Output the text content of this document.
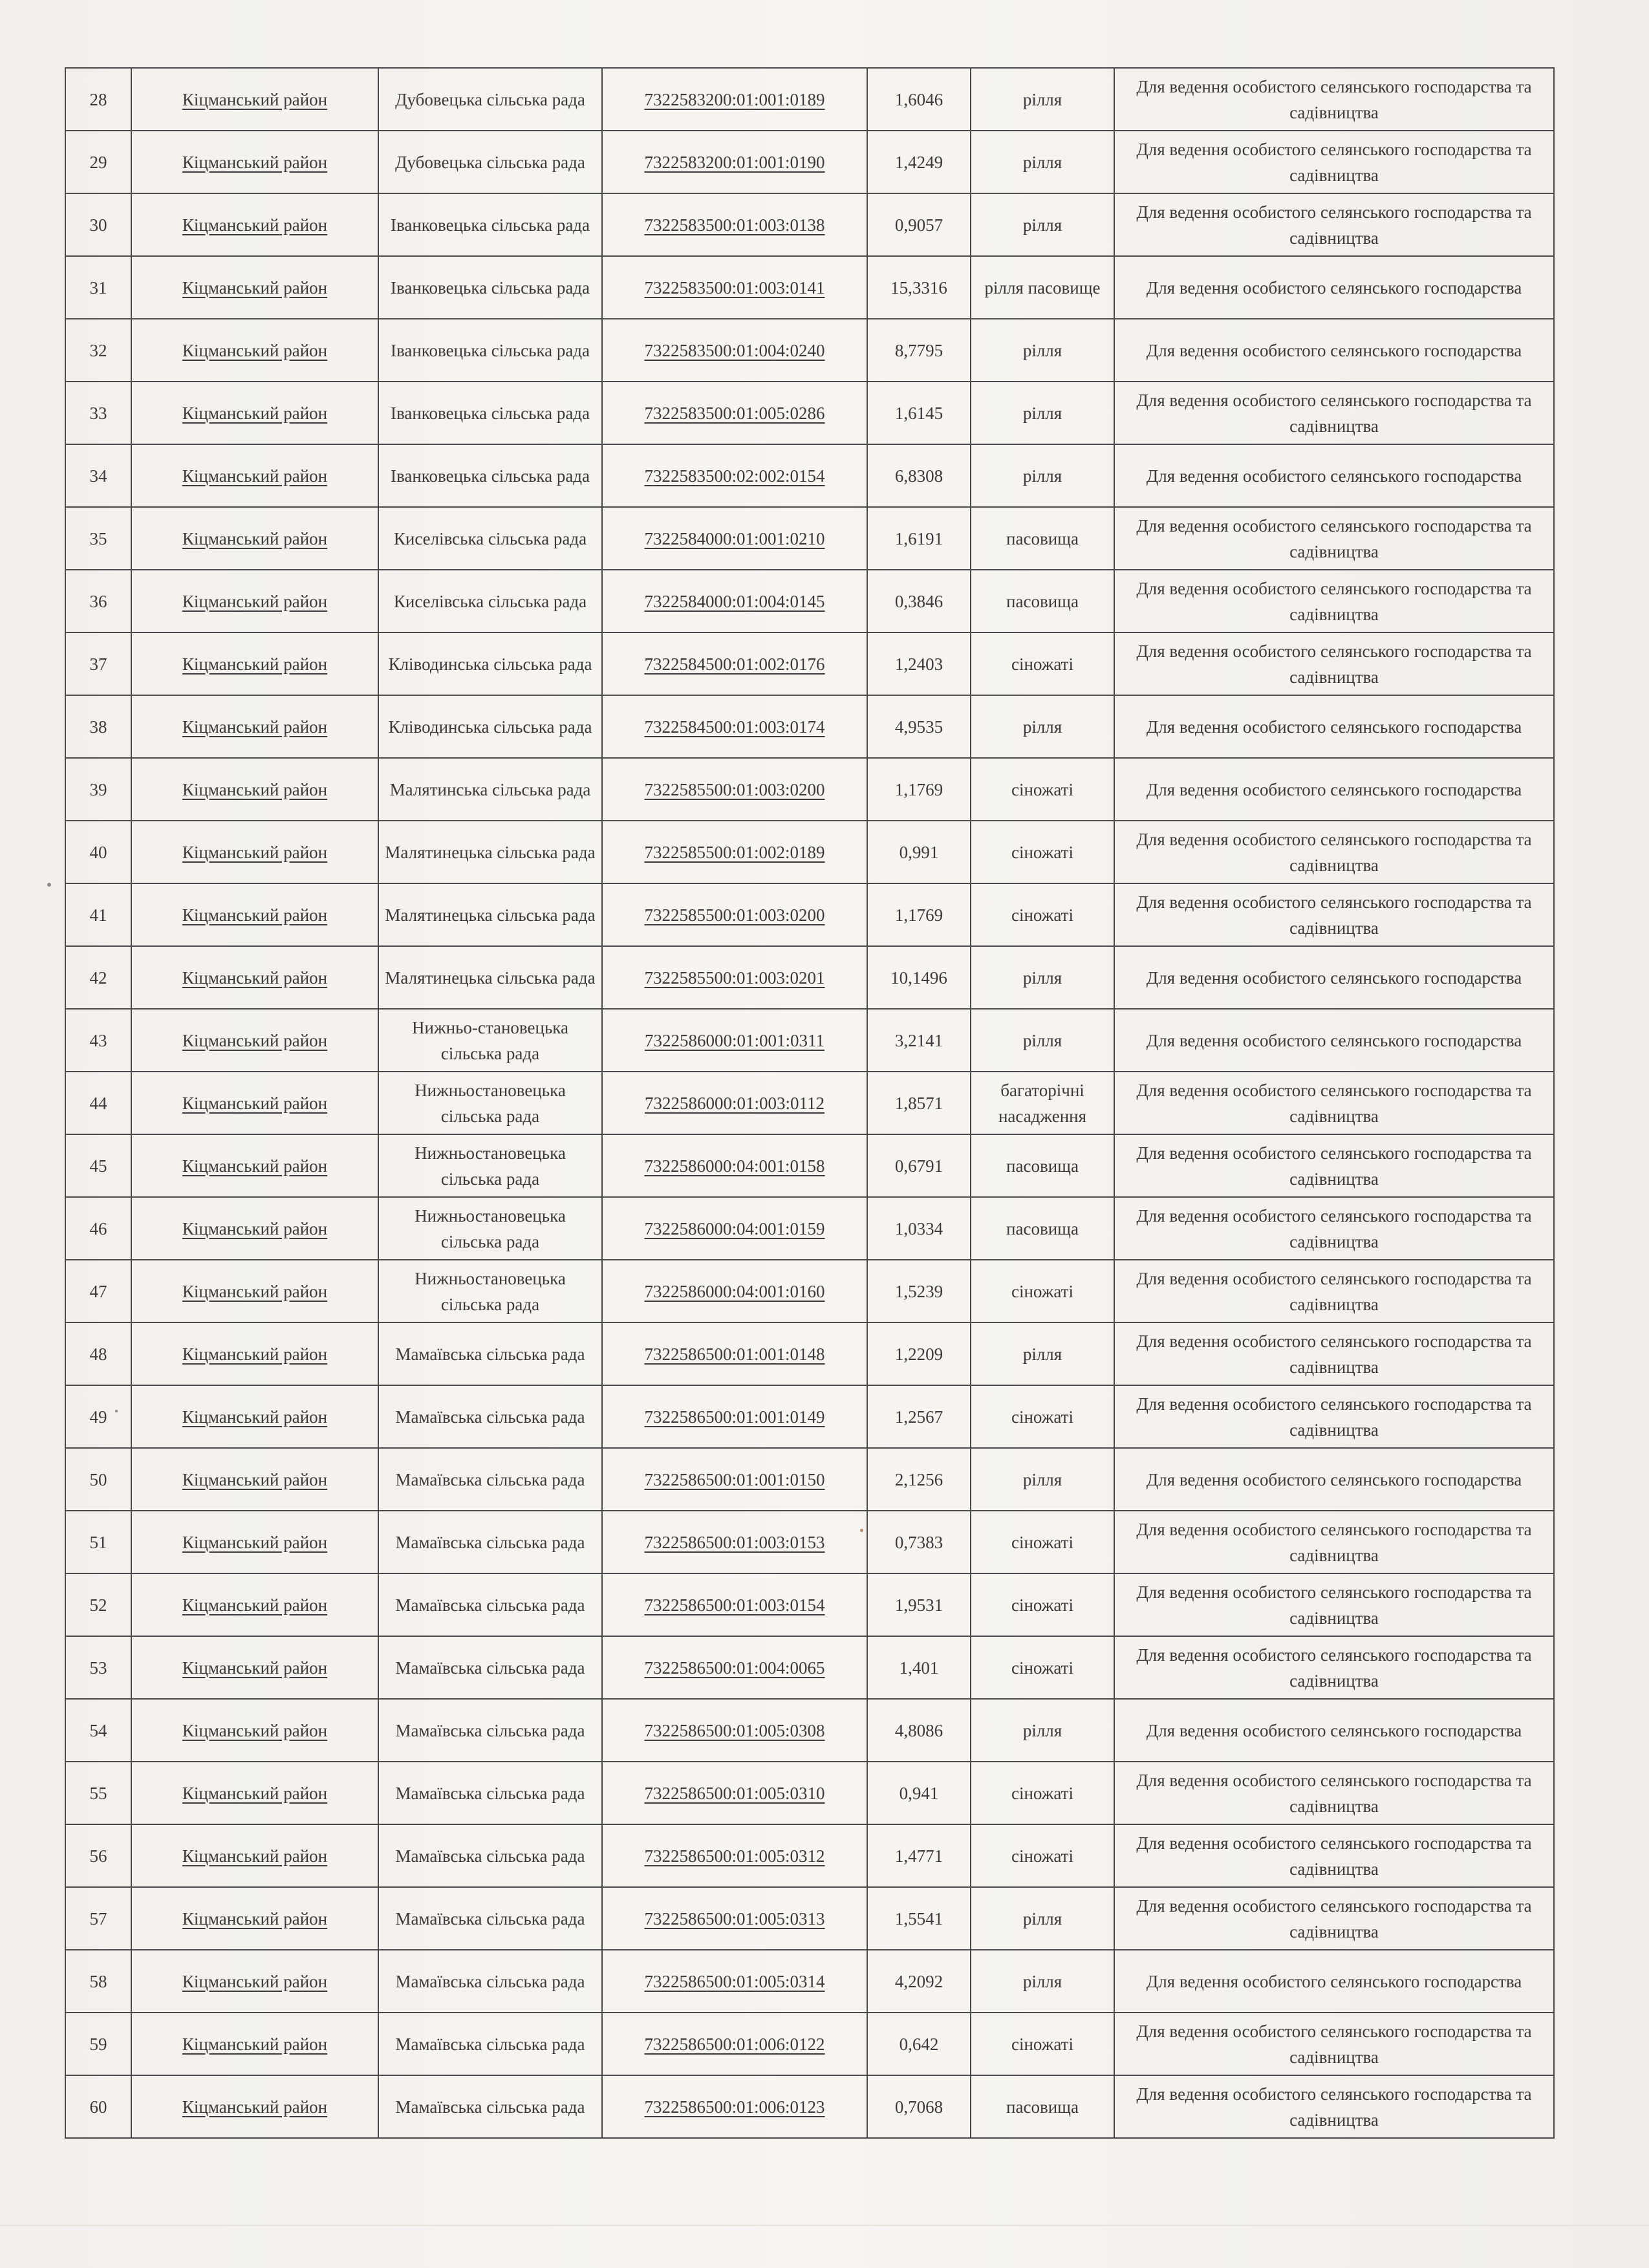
28	Кіцманський район	Дубовецька сільська рада	7322583200:01:001:0189	1,6046	рілля	Для ведення особистого селянського господарства та садівництва
29	Кіцманський район	Дубовецька сільська рада	7322583200:01:001:0190	1,4249	рілля	Для ведення особистого селянського господарства та садівництва
30	Кіцманський район	Іванковецька сільська рада	7322583500:01:003:0138	0,9057	рілля	Для ведення особистого селянського господарства та садівництва
31	Кіцманський район	Іванковецька сільська рада	7322583500:01:003:0141	15,3316	рілля пасовище	Для ведення особистого селянського господарства
32	Кіцманський район	Іванковецька сільська рада	7322583500:01:004:0240	8,7795	рілля	Для ведення особистого селянського господарства
33	Кіцманський район	Іванковецька сільська рада	7322583500:01:005:0286	1,6145	рілля	Для ведення особистого селянського господарства та садівництва
34	Кіцманський район	Іванковецька сільська рада	7322583500:02:002:0154	6,8308	рілля	Для ведення особистого селянського господарства
35	Кіцманський район	Киселівська сільська рада	7322584000:01:001:0210	1,6191	пасовища	Для ведення особистого селянського господарства та садівництва
36	Кіцманський район	Киселівська сільська рада	7322584000:01:004:0145	0,3846	пасовища	Для ведення особистого селянського господарства та садівництва
37	Кіцманський район	Кліводинська сільська рада	7322584500:01:002:0176	1,2403	сіножаті	Для ведення особистого селянського господарства та садівництва
38	Кіцманський район	Кліводинська сільська рада	7322584500:01:003:0174	4,9535	рілля	Для ведення особистого селянського господарства
39	Кіцманський район	Малятинська сільська рада	7322585500:01:003:0200	1,1769	сіножаті	Для ведення особистого селянського господарства
40	Кіцманський район	Малятинецька сільська рада	7322585500:01:002:0189	0,991	сіножаті	Для ведення особистого селянського господарства та садівництва
41	Кіцманський район	Малятинецька сільська рада	7322585500:01:003:0200	1,1769	сіножаті	Для ведення особистого селянського господарства та садівництва
42	Кіцманський район	Малятинецька сільська рада	7322585500:01:003:0201	10,1496	рілля	Для ведення особистого селянського господарства
43	Кіцманський район	Нижньо-становецька сільська рада	7322586000:01:001:0311	3,2141	рілля	Для ведення особистого селянського господарства
44	Кіцманський район	Нижньостановецька сільська рада	7322586000:01:003:0112	1,8571	багаторічні насадження	Для ведення особистого селянського господарства та садівництва
45	Кіцманський район	Нижньостановецька сільська рада	7322586000:04:001:0158	0,6791	пасовища	Для ведення особистого селянського господарства та садівництва
46	Кіцманський район	Нижньостановецька сільська рада	7322586000:04:001:0159	1,0334	пасовища	Для ведення особистого селянського господарства та садівництва
47	Кіцманський район	Нижньостановецька сільська рада	7322586000:04:001:0160	1,5239	сіножаті	Для ведення особистого селянського господарства та садівництва
48	Кіцманський район	Мамаївська сільська рада	7322586500:01:001:0148	1,2209	рілля	Для ведення особистого селянського господарства та садівництва
49	Кіцманський район	Мамаївська сільська рада	7322586500:01:001:0149	1,2567	сіножаті	Для ведення особистого селянського господарства та садівництва
50	Кіцманський район	Мамаївська сільська рада	7322586500:01:001:0150	2,1256	рілля	Для ведення особистого селянського господарства
51	Кіцманський район	Мамаївська сільська рада	7322586500:01:003:0153	0,7383	сіножаті	Для ведення особистого селянського господарства та садівництва
52	Кіцманський район	Мамаївська сільська рада	7322586500:01:003:0154	1,9531	сіножаті	Для ведення особистого селянського господарства та садівництва
53	Кіцманський район	Мамаївська сільська рада	7322586500:01:004:0065	1,401	сіножаті	Для ведення особистого селянського господарства та садівництва
54	Кіцманський район	Мамаївська сільська рада	7322586500:01:005:0308	4,8086	рілля	Для ведення особистого селянського господарства
55	Кіцманський район	Мамаївська сільська рада	7322586500:01:005:0310	0,941	сіножаті	Для ведення особистого селянського господарства та садівництва
56	Кіцманський район	Мамаївська сільська рада	7322586500:01:005:0312	1,4771	сіножаті	Для ведення особистого селянського господарства та садівництва
57	Кіцманський район	Мамаївська сільська рада	7322586500:01:005:0313	1,5541	рілля	Для ведення особистого селянського господарства та садівництва
58	Кіцманський район	Мамаївська сільська рада	7322586500:01:005:0314	4,2092	рілля	Для ведення особистого селянського господарства
59	Кіцманський район	Мамаївська сільська рада	7322586500:01:006:0122	0,642	сіножаті	Для ведення особистого селянського господарства та садівництва
60	Кіцманський район	Мамаївська сільська рада	7322586500:01:006:0123	0,7068	пасовища	Для ведення особистого селянського господарства та садівництва
